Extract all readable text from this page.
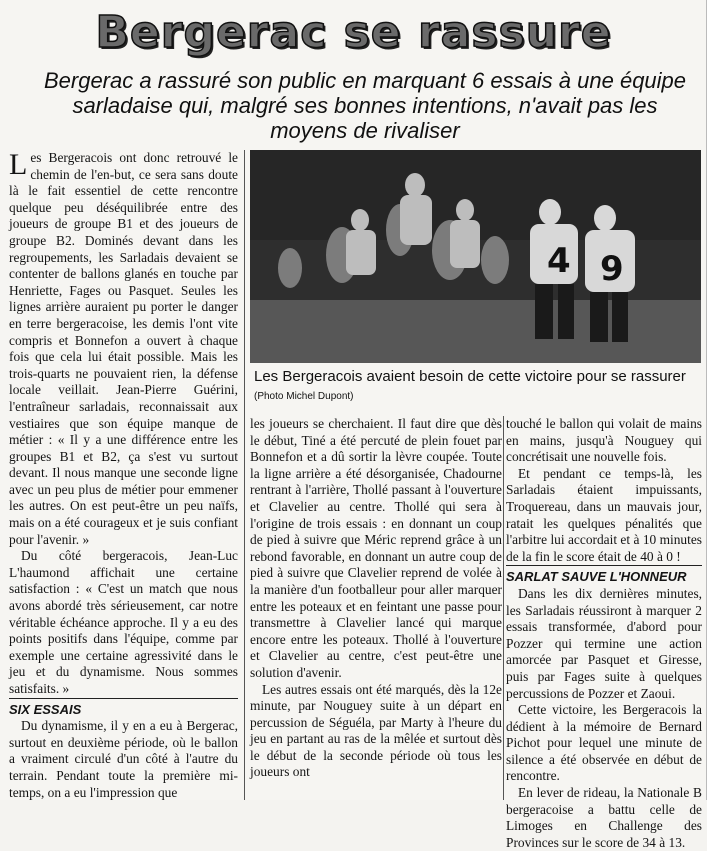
Bergerac se rassure
Bergerac a rassuré son public en marquant 6 essais à une équipe sarladaise qui, malgré ses bonnes intentions, n'avait pas les moyens de rivaliser

Les Bergeracois ont donc retrouvé le chemin de l'en-but, ce sera sans doute là le fait essentiel de cette rencontre quelque peu déséquilibrée entre des joueurs de groupe B1 et des joueurs de groupe B2. Dominés devant dans les regroupements, les Sarladais devaient se contenter de ballons glanés en touche par Henriette, Fages ou Pasquet. Seules les lignes arrière auraient pu porter le danger en terre bergeracoise, les demis l'ont vite compris et Bonnefon a ouvert à chaque fois que cela lui était possible. Mais les trois-quarts ne pouvaient rien, la défense locale veillait. Jean-Pierre Guérini, l'entraîneur sarladais, reconnaissait aux vestiaires que son équipe manque de métier : « Il y a une différence entre les groupes B1 et B2, ça s'est vu surtout devant. Il nous manque une seconde ligne avec un peu plus de métier pour emmener les autres. On est peut-être un peu naïfs, mais on a été courageux et je suis confiant pour l'avenir. »

Du côté bergeracois, Jean-Luc L'haumond affichait une certaine satisfaction : « C'est un match que nous avons abordé très sérieusement, car notre véritable échéance approche. Il y a eu des points positifs dans l'équipe, comme par exemple une certaine agressivité dans le jeu et du dynamisme. Nous sommes satisfaits. »

SIX ESSAIS

Du dynamisme, il y en a eu à Bergerac, surtout en deuxième période, où le ballon a vraiment circulé d'un côté à l'autre du terrain. Pendant toute la première mi-temps, on a eu l'impression que

4 9
Les Bergeracois avaient besoin de cette victoire pour se rassurer (Photo Michel Dupont)

les joueurs se cherchaient. Il faut dire que dès le début, Tiné a été percuté de plein fouet par Bonnefon et a dû sortir la lèvre coupée. Toute la ligne arrière a été désorganisée, Chadourne rentrant à l'arrière, Thollé passant à l'ouverture et Clavelier au centre. Thollé qui sera à l'origine de trois essais : en donnant un coup de pied à suivre que Méric reprend grâce à un rebond favorable, en donnant un autre coup de pied à suivre que Clavelier reprend de volée à la manière d'un footballeur pour aller marquer entre les poteaux et en feintant une passe pour transmettre à Clavelier lancé qui marque encore entre les poteaux. Thollé à l'ouverture et Clavelier au centre, c'est peut-être une solution d'avenir.

Les autres essais ont été marqués, dès la 12e minute, par Nouguey suite à un départ en percussion de Séguéla, par Marty à l'heure du jeu en partant au ras de la mêlée et surtout dès le début de la seconde période où tous les joueurs ont

touché le ballon qui volait de mains en mains, jusqu'à Nouguey qui concrétisait une nouvelle fois.

Et pendant ce temps-là, les Sarladais étaient impuissants, Troquereau, dans un mauvais jour, ratait les quelques pénalités que l'arbitre lui accordait et à 10 minutes de la fin le score était de 40 à 0 !

SARLAT SAUVE L'HONNEUR

Dans les dix dernières minutes, les Sarladais réussiront à marquer 2 essais transformée, d'abord pour Pozzer qui termine une action amorcée par Pasquet et Giresse, puis par Fages suite à quelques percussions de Pozzer et Zaoui.

Cette victoire, les Bergeracois la dédient à la mémoire de Bernard Pichot pour lequel une minute de silence a été observée en début de rencontre.

En lever de rideau, la Nationale B bergeracoise a battu celle de Limoges en Challenge des Provinces sur le score de 34 à 13.
